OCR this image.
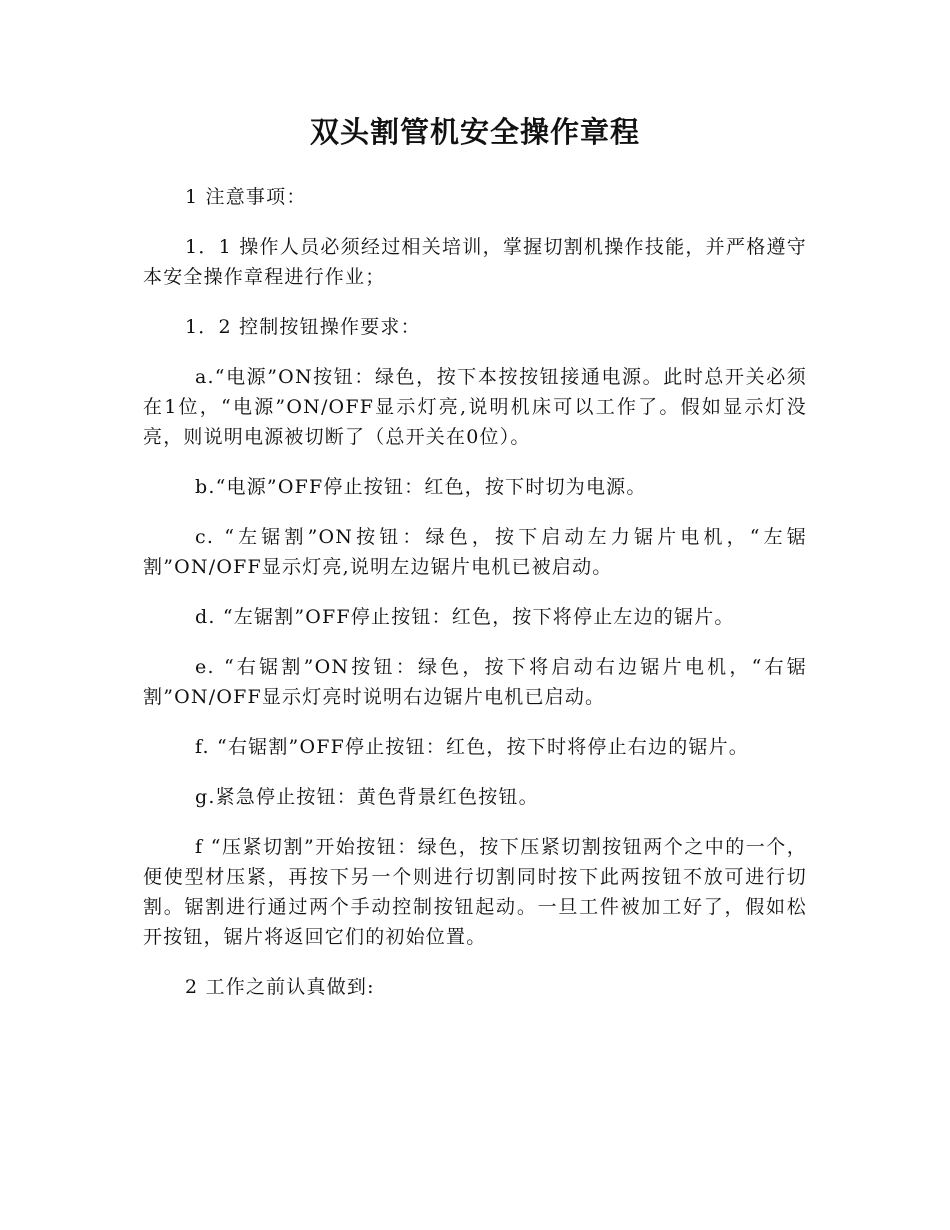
双头割管机安全操作章程

1 注意事项：

1．1 操作人员必须经过相关培训，掌握切割机操作技能，并严格遵守本安全操作章程进行作业；

1．2 控制按钮操作要求：

a.“电源”ON按钮：绿色，按下本按按钮接通电源。此时总开关必须在1位，“电源”ON/OFF显示灯亮,说明机床可以工作了。假如显示灯没亮，则说明电源被切断了（总开关在0位）。

b.“电源”OFF停止按钮：红色，按下时切为电源。

c. “左锯割”ON按钮：绿色，按下启动左力锯片电机，“左锯割”ON/OFF显示灯亮,说明左边锯片电机已被启动。

d. “左锯割”OFF停止按钮：红色，按下将停止左边的锯片。

e. “右锯割”ON按钮：绿色，按下将启动右边锯片电机，“右锯割”ON/OFF显示灯亮时说明右边锯片电机已启动。

f. “右锯割”OFF停止按钮：红色，按下时将停止右边的锯片。

g.紧急停止按钮：黄色背景红色按钮。

f “压紧切割”开始按钮：绿色，按下压紧切割按钮两个之中的一个，便使型材压紧，再按下另一个则进行切割同时按下此两按钮不放可进行切割。锯割进行通过两个手动控制按钮起动。一旦工件被加工好了，假如松开按钮，锯片将返回它们的初始位置。

2 工作之前认真做到:
